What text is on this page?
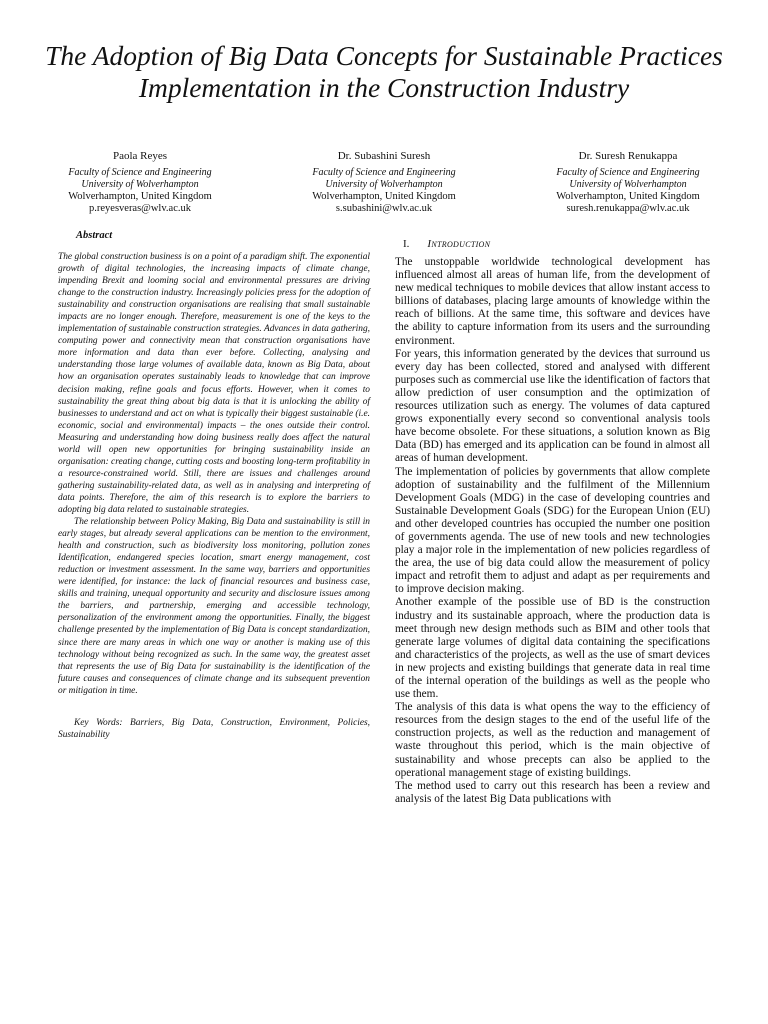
The Adoption of Big Data Concepts for Sustainable Practices Implementation in the Construction Industry
Paola Reyes
Faculty of Science and Engineering
University of Wolverhampton
Wolverhampton, United Kingdom
p.reyesveras@wlv.ac.uk
Dr. Subashini Suresh
Faculty of Science and Engineering
University of Wolverhampton
Wolverhampton, United Kingdom
s.subashini@wlv.ac.uk
Dr. Suresh Renukappa
Faculty of Science and Engineering
University of Wolverhampton
Wolverhampton, United Kingdom
suresh.renukappa@wlv.ac.uk
Abstract

The global construction business is on a point of a paradigm shift. The exponential growth of digital technologies, the increasing impacts of climate change, impending Brexit and looming social and environmental pressures are driving change to the construction industry. Increasingly policies press for the adoption of sustainability and construction organisations are realising that small sustainable impacts are no longer enough. Therefore, measurement is one of the keys to the implementation of sustainable construction strategies. Advances in data gathering, computing power and connectivity mean that construction organisations have more information and data than ever before. Collecting, analysing and understanding those large volumes of available data, known as Big Data, about how an organisation operates sustainably leads to knowledge that can improve decision making, refine goals and focus efforts. However, when it comes to sustainability the great thing about big data is that it is unlocking the ability of businesses to understand and act on what is typically their biggest sustainable (i.e. economic, social and environmental) impacts – the ones outside their control. Measuring and understanding how doing business really does affect the natural world will open new opportunities for bringing sustainability inside an organisation: creating change, cutting costs and boosting long-term profitability in a resource-constrained world. Still, there are issues and challenges around gathering sustainability-related data, as well as in analysing and interpreting of data points. Therefore, the aim of this research is to explore the barriers to adopting big data related to sustainable strategies.

The relationship between Policy Making, Big Data and sustainability is still in early stages, but already several applications can be mention to the environment, health and construction, such as biodiversity loss monitoring, pollution zones Identification, endangered species location, smart energy management, cost reduction or investment assessment. In the same way, barriers and opportunities were identified, for instance: the lack of financial resources and business case, skills and training, unequal opportunity and security and disclosure issues among the barriers, and partnership, emerging and accessible technology, personalization of the environment among the opportunities. Finally, the biggest challenge presented by the implementation of Big Data is concept standardization, since there are many areas in which one way or another is making use of this technology without being recognized as such. In the same way, the greatest asset that represents the use of Big Data for sustainability is the identification of the future causes and consequences of climate change and its subsequent prevention or mitigation in time.

Key Words: Barriers, Big Data, Construction, Environment, Policies, Sustainability
I. Introduction

The unstoppable worldwide technological development has influenced almost all areas of human life, from the development of new medical techniques to mobile devices that allow instant access to billions of databases, placing large amounts of knowledge within the reach of billions. At the same time, this software and devices have the ability to capture information from its users and the surrounding environment.

For years, this information generated by the devices that surround us every day has been collected, stored and analysed with different purposes such as commercial use like the identification of factors that allow prediction of user consumption and the optimization of resources utilization such as energy. The volumes of data captured grows exponentially every second so conventional analysis tools have become obsolete. For these situations, a solution known as Big Data (BD) has emerged and its application can be found in almost all areas of human development.

The implementation of policies by governments that allow complete adoption of sustainability and the fulfilment of the Millennium Development Goals (MDG) in the case of developing countries and Sustainable Development Goals (SDG) for the European Union (EU) and other developed countries has occupied the number one position of governments agenda. The use of new tools and new technologies play a major role in the implementation of new policies regardless of the area, the use of big data could allow the measurement of policy impact and retrofit them to adjust and adapt as per requirements and to improve decision making.

Another example of the possible use of BD is the construction industry and its sustainable approach, where the production data is meet through new design methods such as BIM and other tools that generate large volumes of digital data containing the specifications and characteristics of the projects, as well as the use of smart devices in new projects and existing buildings that generate data in real time of the internal operation of the buildings as well as the people who use them.

The analysis of this data is what opens the way to the efficiency of resources from the design stages to the end of the useful life of the construction projects, as well as the reduction and management of waste throughout this period, which is the main objective of sustainability and whose precepts can also be applied to the operational management stage of existing buildings.

The method used to carry out this research has been a review and analysis of the latest Big Data publications with
